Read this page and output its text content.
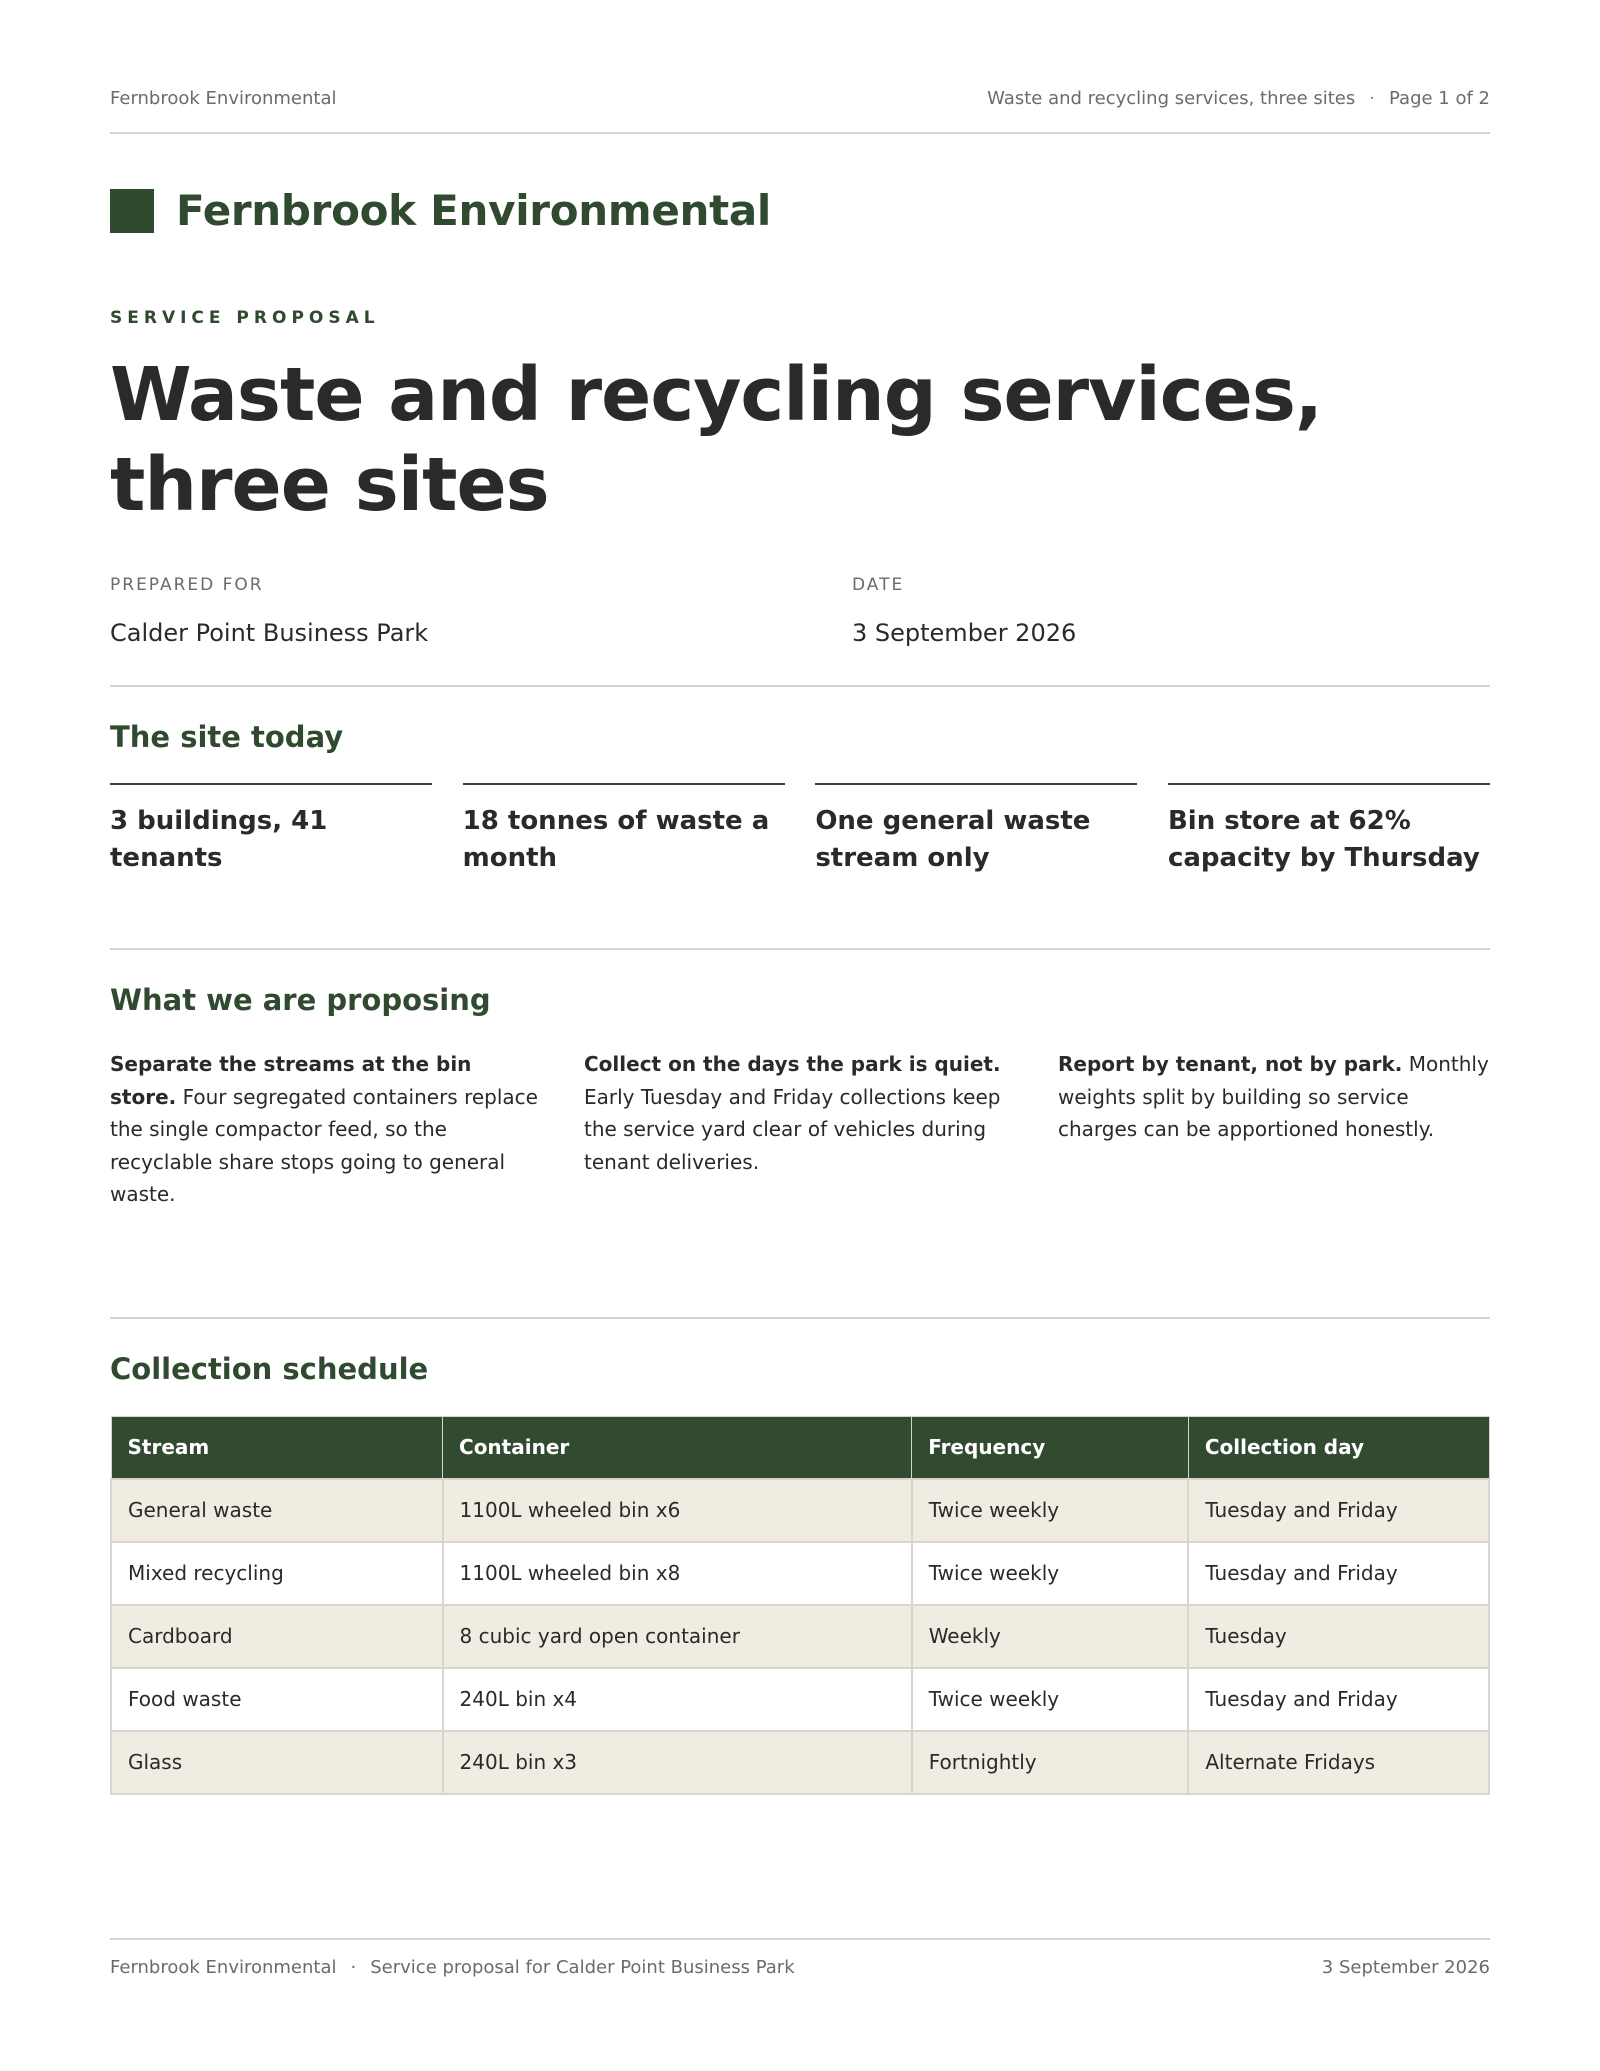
Fernbrook Environmental	Waste and recycling services, three sites · Page 1 of 2
Fernbrook Environmental
SERVICE PROPOSAL
Waste and recycling services, three sites
PREPARED FOR
Calder Point Business Park
DATE
3 September 2026
The site today
3 buildings, 41 tenants
18 tonnes of waste a month
One general waste stream only
Bin store at 62% capacity by Thursday
What we are proposing

Separate the streams at the bin store. Four segregated containers replace the single compactor feed, so the recyclable share stops going to general waste.

Collect on the days the park is quiet. Early Tuesday and Friday collections keep the service yard clear of vehicles during tenant deliveries.

Report by tenant, not by park. Monthly weights split by building so service charges can be apportioned honestly.

Collection schedule
Stream	Container	Frequency	Collection day
General waste	1100L wheeled bin x6	Twice weekly	Tuesday and Friday
Mixed recycling	1100L wheeled bin x8	Twice weekly	Tuesday and Friday
Cardboard	8 cubic yard open container	Weekly	Tuesday
Food waste	240L bin x4	Twice weekly	Tuesday and Friday
Glass	240L bin x3	Fortnightly	Alternate Fridays
Fernbrook Environmental · Service proposal for Calder Point Business Park	3 September 2026
